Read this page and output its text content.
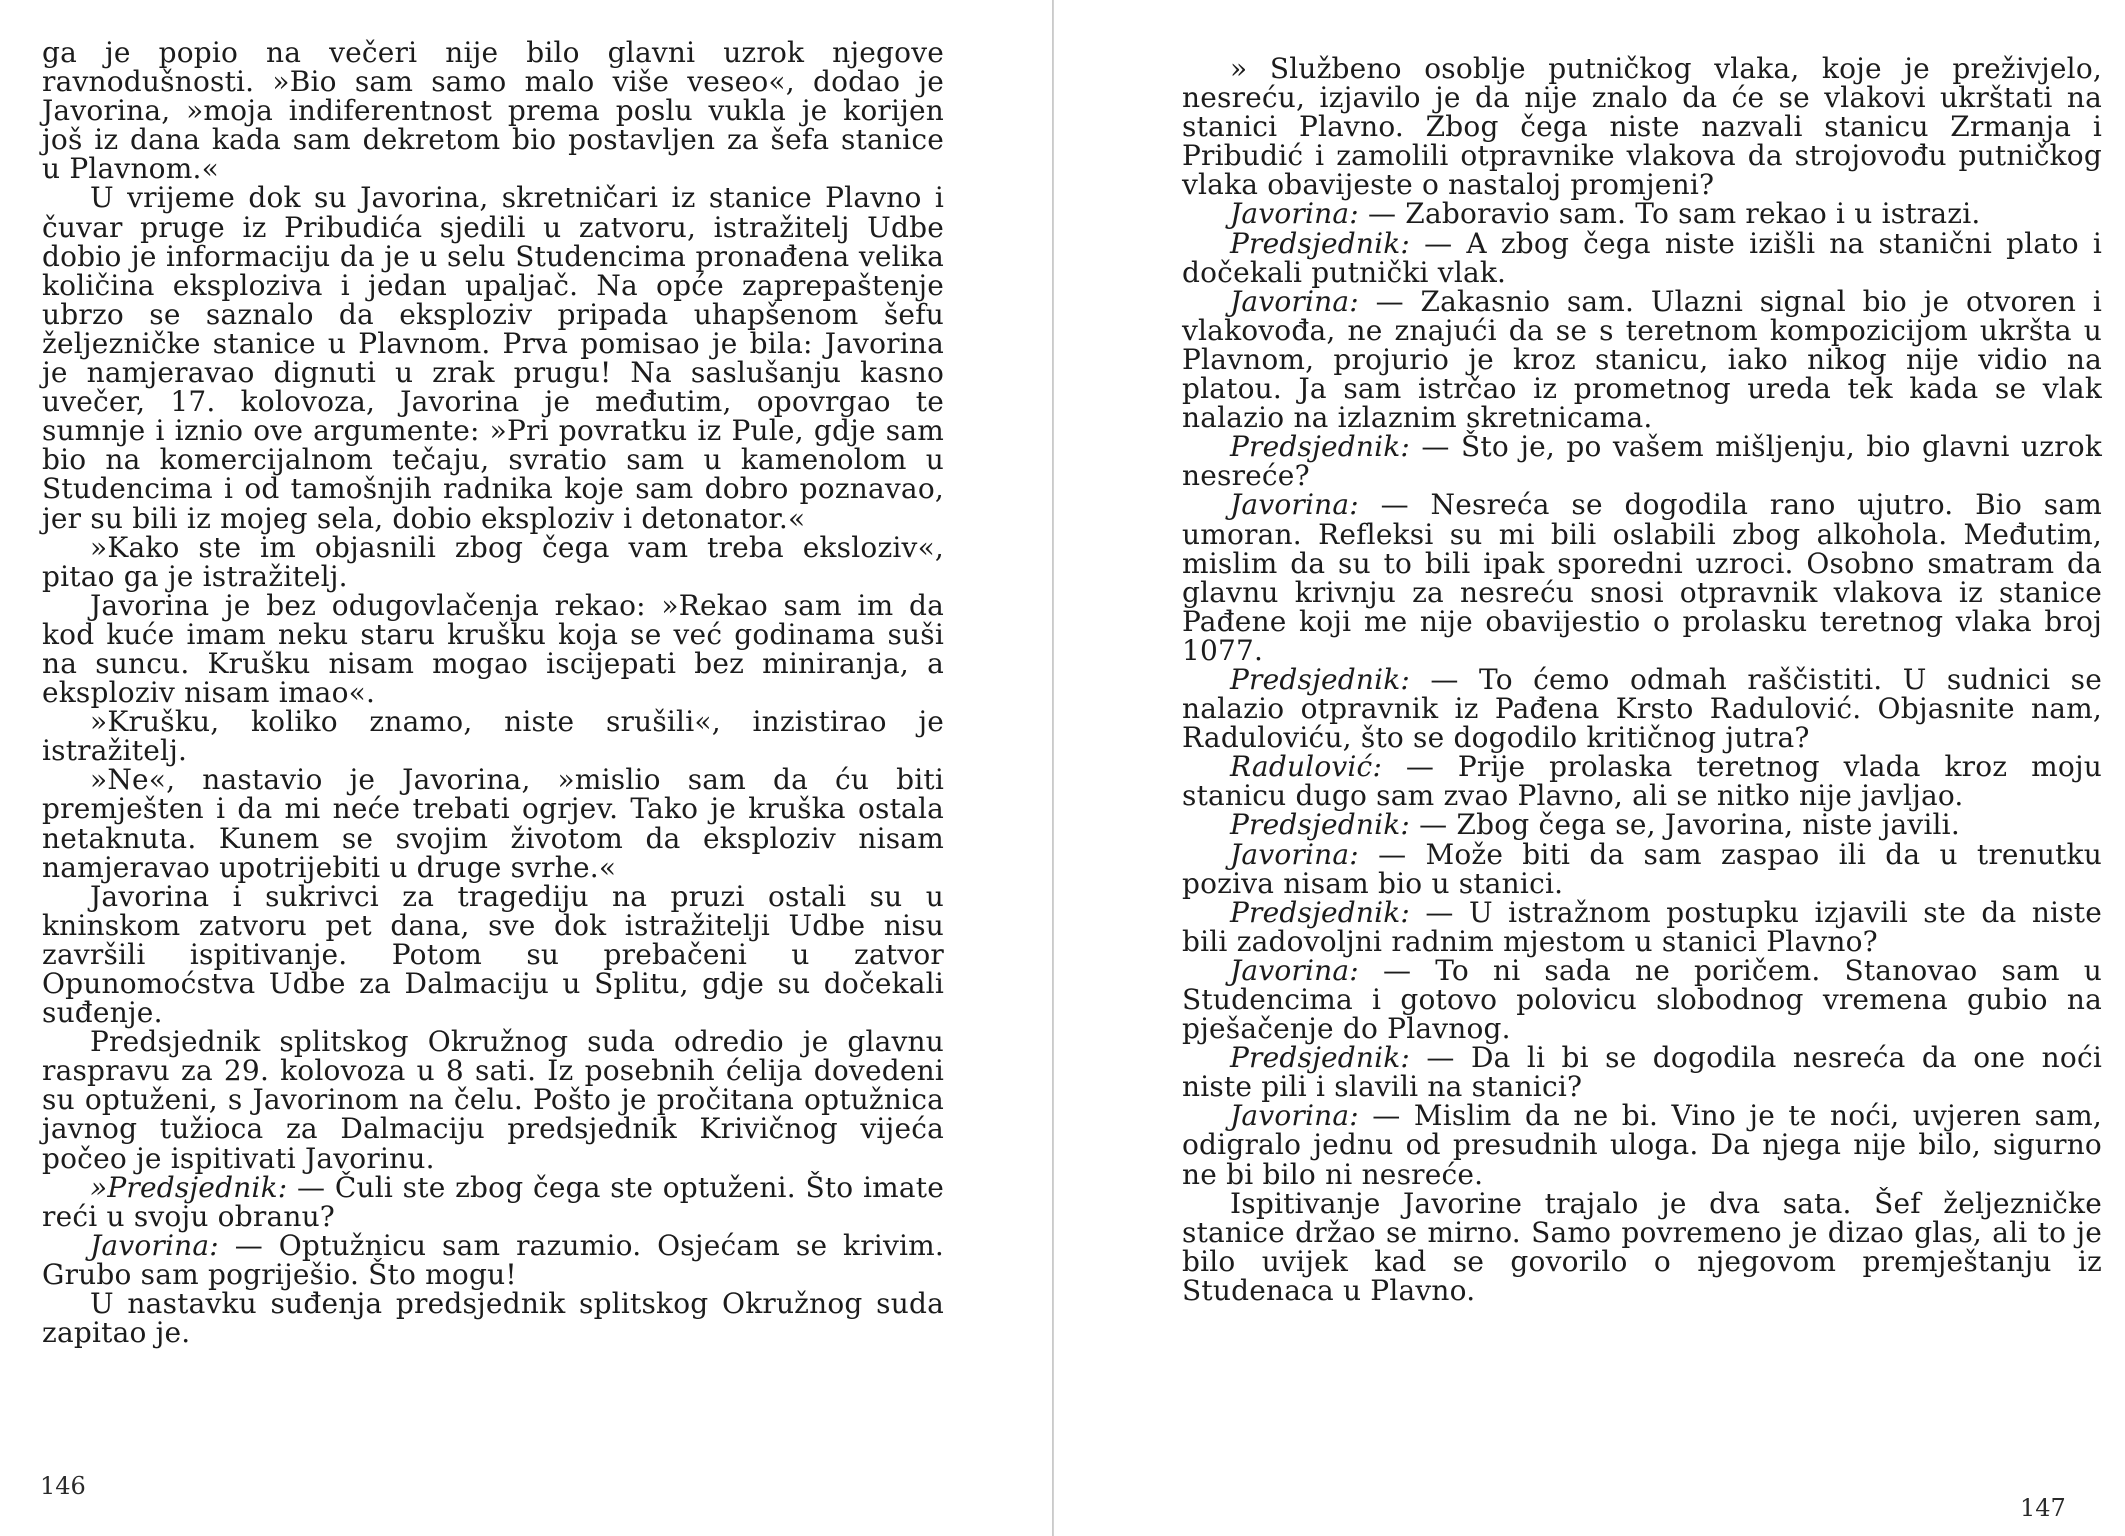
ga je popio na večeri nije bilo glavni uzrok njegove ravnodušnosti. »Bio sam samo malo više veseo«, dodao je Javorina, »moja indiferentnost prema poslu vukla je korijen još iz dana kada sam dekretom bio postavljen za šefa stanice u Plavnom.«

U vrijeme dok su Javorina, skretničari iz stanice Plavno i čuvar pruge iz Pribudića sjedili u zatvoru, istražitelj Udbe dobio je informaciju da je u selu Studencima pronađena velika količina eksploziva i jedan upaljač. Na opće zaprepaštenje ubrzo se saznalo da eksploziv pripada uhapšenom šefu željezničke stanice u Plavnom. Prva pomisao je bila: Javorina je namjeravao dignuti u zrak prugu! Na saslušanju kasno uvečer, 17. kolovoza, Javorina je međutim, opovrgao te sumnje i iznio ove argumente: »Pri povratku iz Pule, gdje sam bio na komercijalnom tečaju, svratio sam u kamenolom u Studencima i od tamošnjih radnika koje sam dobro poznavao, jer su bili iz mojeg sela, dobio eksploziv i detonator.«

»Kako ste im objasnili zbog čega vam treba eksloziv«, pitao ga je istražitelj.

Javorina je bez odugovlačenja rekao: »Rekao sam im da kod kuće imam neku staru krušku koja se već godinama suši na suncu. Krušku nisam mogao iscijepati bez miniranja, a eksploziv nisam imao«.

»Krušku, koliko znamo, niste srušili«, inzistirao je istražitelj.

»Ne«, nastavio je Javorina, »mislio sam da ću biti premješten i da mi neće trebati ogrjev. Tako je kruška ostala netaknuta. Kunem se svojim životom da eksploziv nisam namjeravao upotrijebiti u druge svrhe.«

Javorina i sukrivci za tragediju na pruzi ostali su u kninskom zatvoru pet dana, sve dok istražitelji Udbe nisu završili ispitivanje. Potom su prebačeni u zatvor Opunomoćstva Udbe za Dalmaciju u Splitu, gdje su dočekali suđenje.

Predsjednik splitskog Okružnog suda odredio je glavnu raspravu za 29. kolovoza u 8 sati. Iz posebnih ćelija dovedeni su optuženi, s Javorinom na čelu. Pošto je pročitana optužnica javnog tužioca za Dalmaciju predsjednik Krivičnog vijeća počeo je ispitivati Javorinu.

»Predsjednik: — Čuli ste zbog čega ste optuženi. Što imate reći u svoju obranu?

Javorina: — Optužnicu sam razumio. Osjećam se krivim. Grubo sam pogriješio. Što mogu!

U nastavku suđenja predsjednik splitskog Okružnog suda zapitao je.

146

» Službeno osoblje putničkog vlaka, koje je preživjelo, nesreću, izjavilo je da nije znalo da će se vlakovi ukrštati na stanici Plavno. Zbog čega niste nazvali stanicu Zrmanja i Pribudić i zamolili otpravnike vlakova da strojovođu putničkog vlaka obavijeste o nastaloj promjeni?

Javorina: — Zaboravio sam. To sam rekao i u istrazi.

Predsjednik: — A zbog čega niste izišli na stanični plato i dočekali putnički vlak.

Javorina: — Zakasnio sam. Ulazni signal bio je otvoren i vlakovođa, ne znajući da se s teretnom kompozicijom ukršta u Plavnom, projurio je kroz stanicu, iako nikog nije vidio na platou. Ja sam istrčao iz prometnog ureda tek kada se vlak nalazio na izlaznim skretnicama.

Predsjednik: — Što je, po vašem mišljenju, bio glavni uzrok nesreće?

Javorina: — Nesreća se dogodila rano ujutro. Bio sam umoran. Refleksi su mi bili oslabili zbog alkohola. Međutim, mislim da su to bili ipak sporedni uzroci. Osobno smatram da glavnu krivnju za nesreću snosi otpravnik vlakova iz stanice Pađene koji me nije obavijestio o prolasku teretnog vlaka broj 1077.

Predsjednik: — To ćemo odmah raščistiti. U sudnici se nalazio otpravnik iz Pađena Krsto Radulović. Objasnite nam, Raduloviću, što se dogodilo kritičnog jutra?

Radulović: — Prije prolaska teretnog vlada kroz moju stanicu dugo sam zvao Plavno, ali se nitko nije javljao.

Predsjednik: — Zbog čega se, Javorina, niste javili.

Javorina: — Može biti da sam zaspao ili da u trenutku poziva nisam bio u stanici.

Predsjednik: — U istražnom postupku izjavili ste da niste bili zadovoljni radnim mjestom u stanici Plavno?

Javorina: — To ni sada ne poričem. Stanovao sam u Studencima i gotovo polovicu slobodnog vremena gubio na pješačenje do Plavnog.

Predsjednik: — Da li bi se dogodila nesreća da one noći niste pili i slavili na stanici?

Javorina: — Mislim da ne bi. Vino je te noći, uvjeren sam, odigralo jednu od presudnih uloga. Da njega nije bilo, sigurno ne bi bilo ni nesreće.

Ispitivanje Javorine trajalo je dva sata. Šef željezničke stanice držao se mirno. Samo povremeno je dizao glas, ali to je bilo uvijek kad se govorilo o njegovom premještanju iz Studenaca u Plavno.

147
